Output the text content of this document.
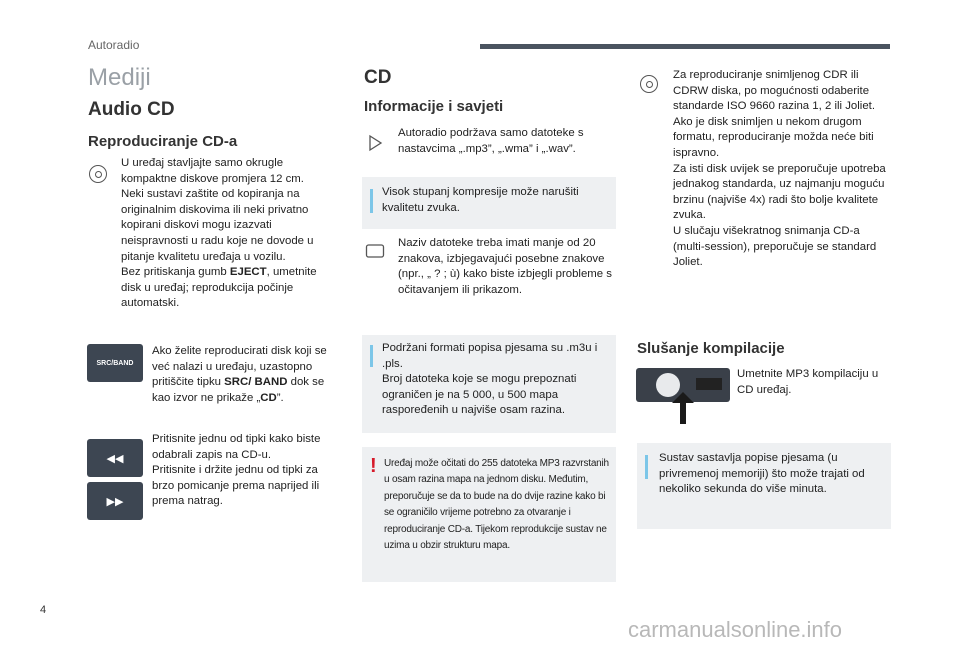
Autoradio
Mediji
Audio CD
Reproduciranje CD-a
U uređaj stavljajte samo okrugle kompaktne diskove promjera 12 cm.
Neki sustavi zaštite od kopiranja na originalnim diskovima ili neki privatno kopirani diskovi mogu izazvati neispravnosti u radu koje ne dovode u pitanje kvalitetu uređaja u vozilu.
Bez pritiskanja gumb EJECT, umetnite disk u uređaj; reprodukcija počinje automatski.
SRC/BAND
Ako želite reproducirati disk koji se već nalazi u uređaju, uzastopno pritiščite tipku SRC/ BAND dok se kao izvor ne prikaže „CD”.
◀◀
▶▶
Pritisnite jednu od tipki kako biste odabrali zapis na CD-u.
Pritisnite i držite jednu od tipki za brzo pomicanje prema naprijed ili prema natrag.
CD
Informacije i savjeti
Autoradio podržava samo datoteke s nastavcima „.mp3”, „.wma” i „.wav”.
Visok stupanj kompresije može narušiti kvalitetu zvuka.
Naziv datoteke treba imati manje od 20 znakova, izbjegavajući posebne znakove (npr., „ ? ; ù) kako biste izbjegli probleme s očitavanjem ili prikazom.
Podržani formati popisa pjesama su .m3u i .pls.
Broj datoteka koje se mogu prepoznati ograničen je na 5 000, u 500 mapa raspoređenih u najviše osam razina.
! Uređaj može očitati do 255 datoteka MP3 razvrstanih u osam razina mapa na jednom disku. Međutim, preporučuje se da to bude na do dvije razine kako bi se ograničilo vrijeme potrebno za otvaranje i reproduciranje CD-a. Tijekom reprodukcije sustav ne uzima u obzir strukturu mapa.
Za reproduciranje snimljenog CDR ili CDRW diska, po mogućnosti odaberite standarde ISO 9660 razina 1, 2 ili Joliet.
Ako je disk snimljen u nekom drugom formatu, reproduciranje možda neće biti ispravno.
Za isti disk uvijek se preporučuje upotreba jednakog standarda, uz najmanju moguću brzinu (najviše 4x) radi što bolje kvalitete zvuka.
U slučaju višekratnog snimanja CD-a (multi-session), preporučuje se standard Joliet.
Slušanje kompilacije
Umetnite MP3 kompilaciju u CD uređaj.
Sustav sastavlja popise pjesama (u privremenoj memoriji) što može trajati od nekoliko sekunda do više minuta.
4
carmanualsonline.info
